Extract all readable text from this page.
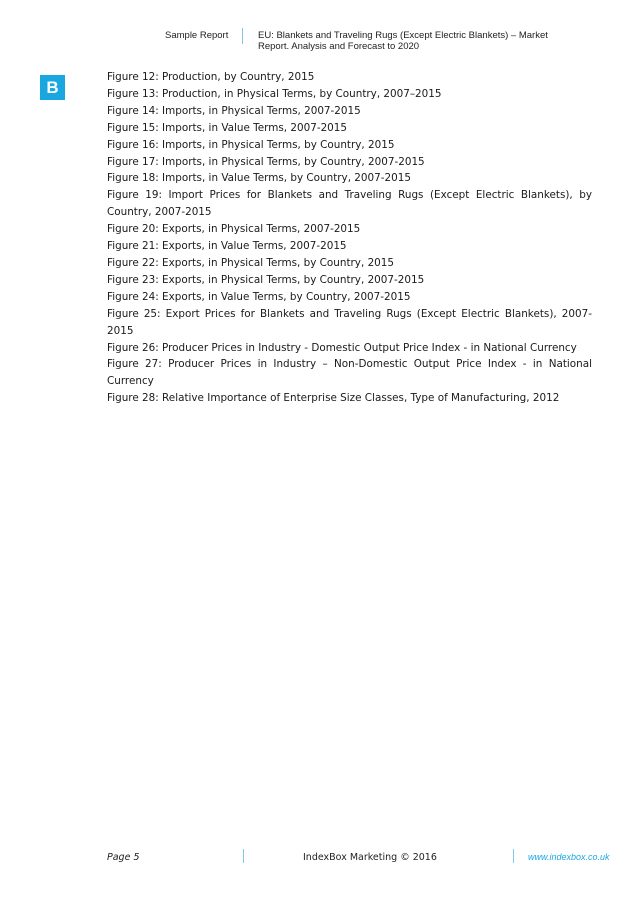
Sample Report	EU: Blankets and Traveling Rugs (Except Electric Blankets) – Market Report. Analysis and Forecast to 2020
B
Figure 12: Production, by Country, 2015
Figure 13: Production, in Physical Terms, by Country, 2007–2015
Figure 14: Imports, in Physical Terms, 2007-2015
Figure 15: Imports, in Value Terms, 2007-2015
Figure 16: Imports, in Physical Terms, by Country, 2015
Figure 17: Imports, in Physical Terms, by Country, 2007-2015
Figure 18: Imports, in Value Terms, by Country, 2007-2015
Figure 19: Import Prices for Blankets and Traveling Rugs (Except Electric Blankets), by Country, 2007-2015
Figure 20: Exports, in Physical Terms, 2007-2015
Figure 21: Exports, in Value Terms, 2007-2015
Figure 22: Exports, in Physical Terms, by Country, 2015
Figure 23: Exports, in Physical Terms, by Country, 2007-2015
Figure 24: Exports, in Value Terms, by Country, 2007-2015
Figure 25: Export Prices for Blankets and Traveling Rugs (Except Electric Blankets), 2007-2015
Figure 26: Producer Prices in Industry - Domestic Output Price Index - in National Currency
Figure 27: Producer Prices in Industry – Non-Domestic Output Price Index - in National Currency
Figure 28: Relative Importance of Enterprise Size Classes, Type of Manufacturing, 2012
Page 5	IndexBox Marketing © 2016	www.indexbox.co.uk
